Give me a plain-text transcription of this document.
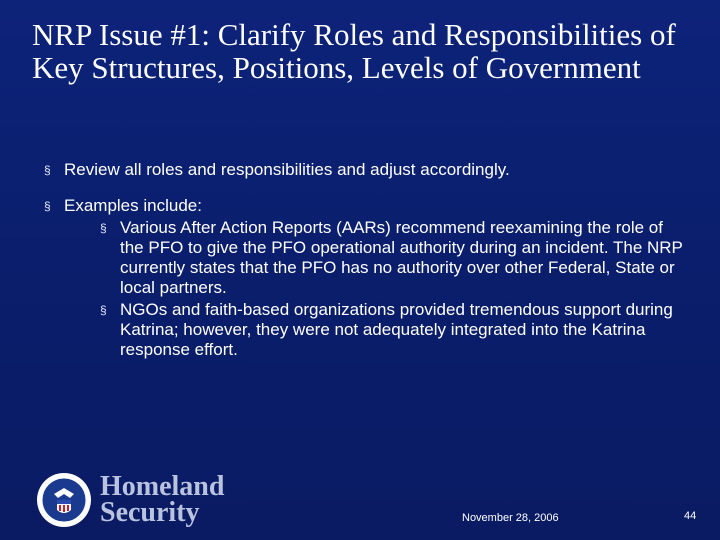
NRP Issue #1: Clarify Roles and Responsibilities of Key Structures, Positions, Levels of Government
§ Review all roles and responsibilities and adjust accordingly.
§ Examples include:
§ Various After Action Reports (AARs) recommend reexamining the role of the PFO to give the PFO operational authority during an incident. The NRP currently states that the PFO has no authority over other Federal, State or local partners.
§ NGOs and faith-based organizations provided tremendous support during Katrina; however, they were not adequately integrated into the Katrina response effort.
Homeland
Security	November 28, 2006	44
